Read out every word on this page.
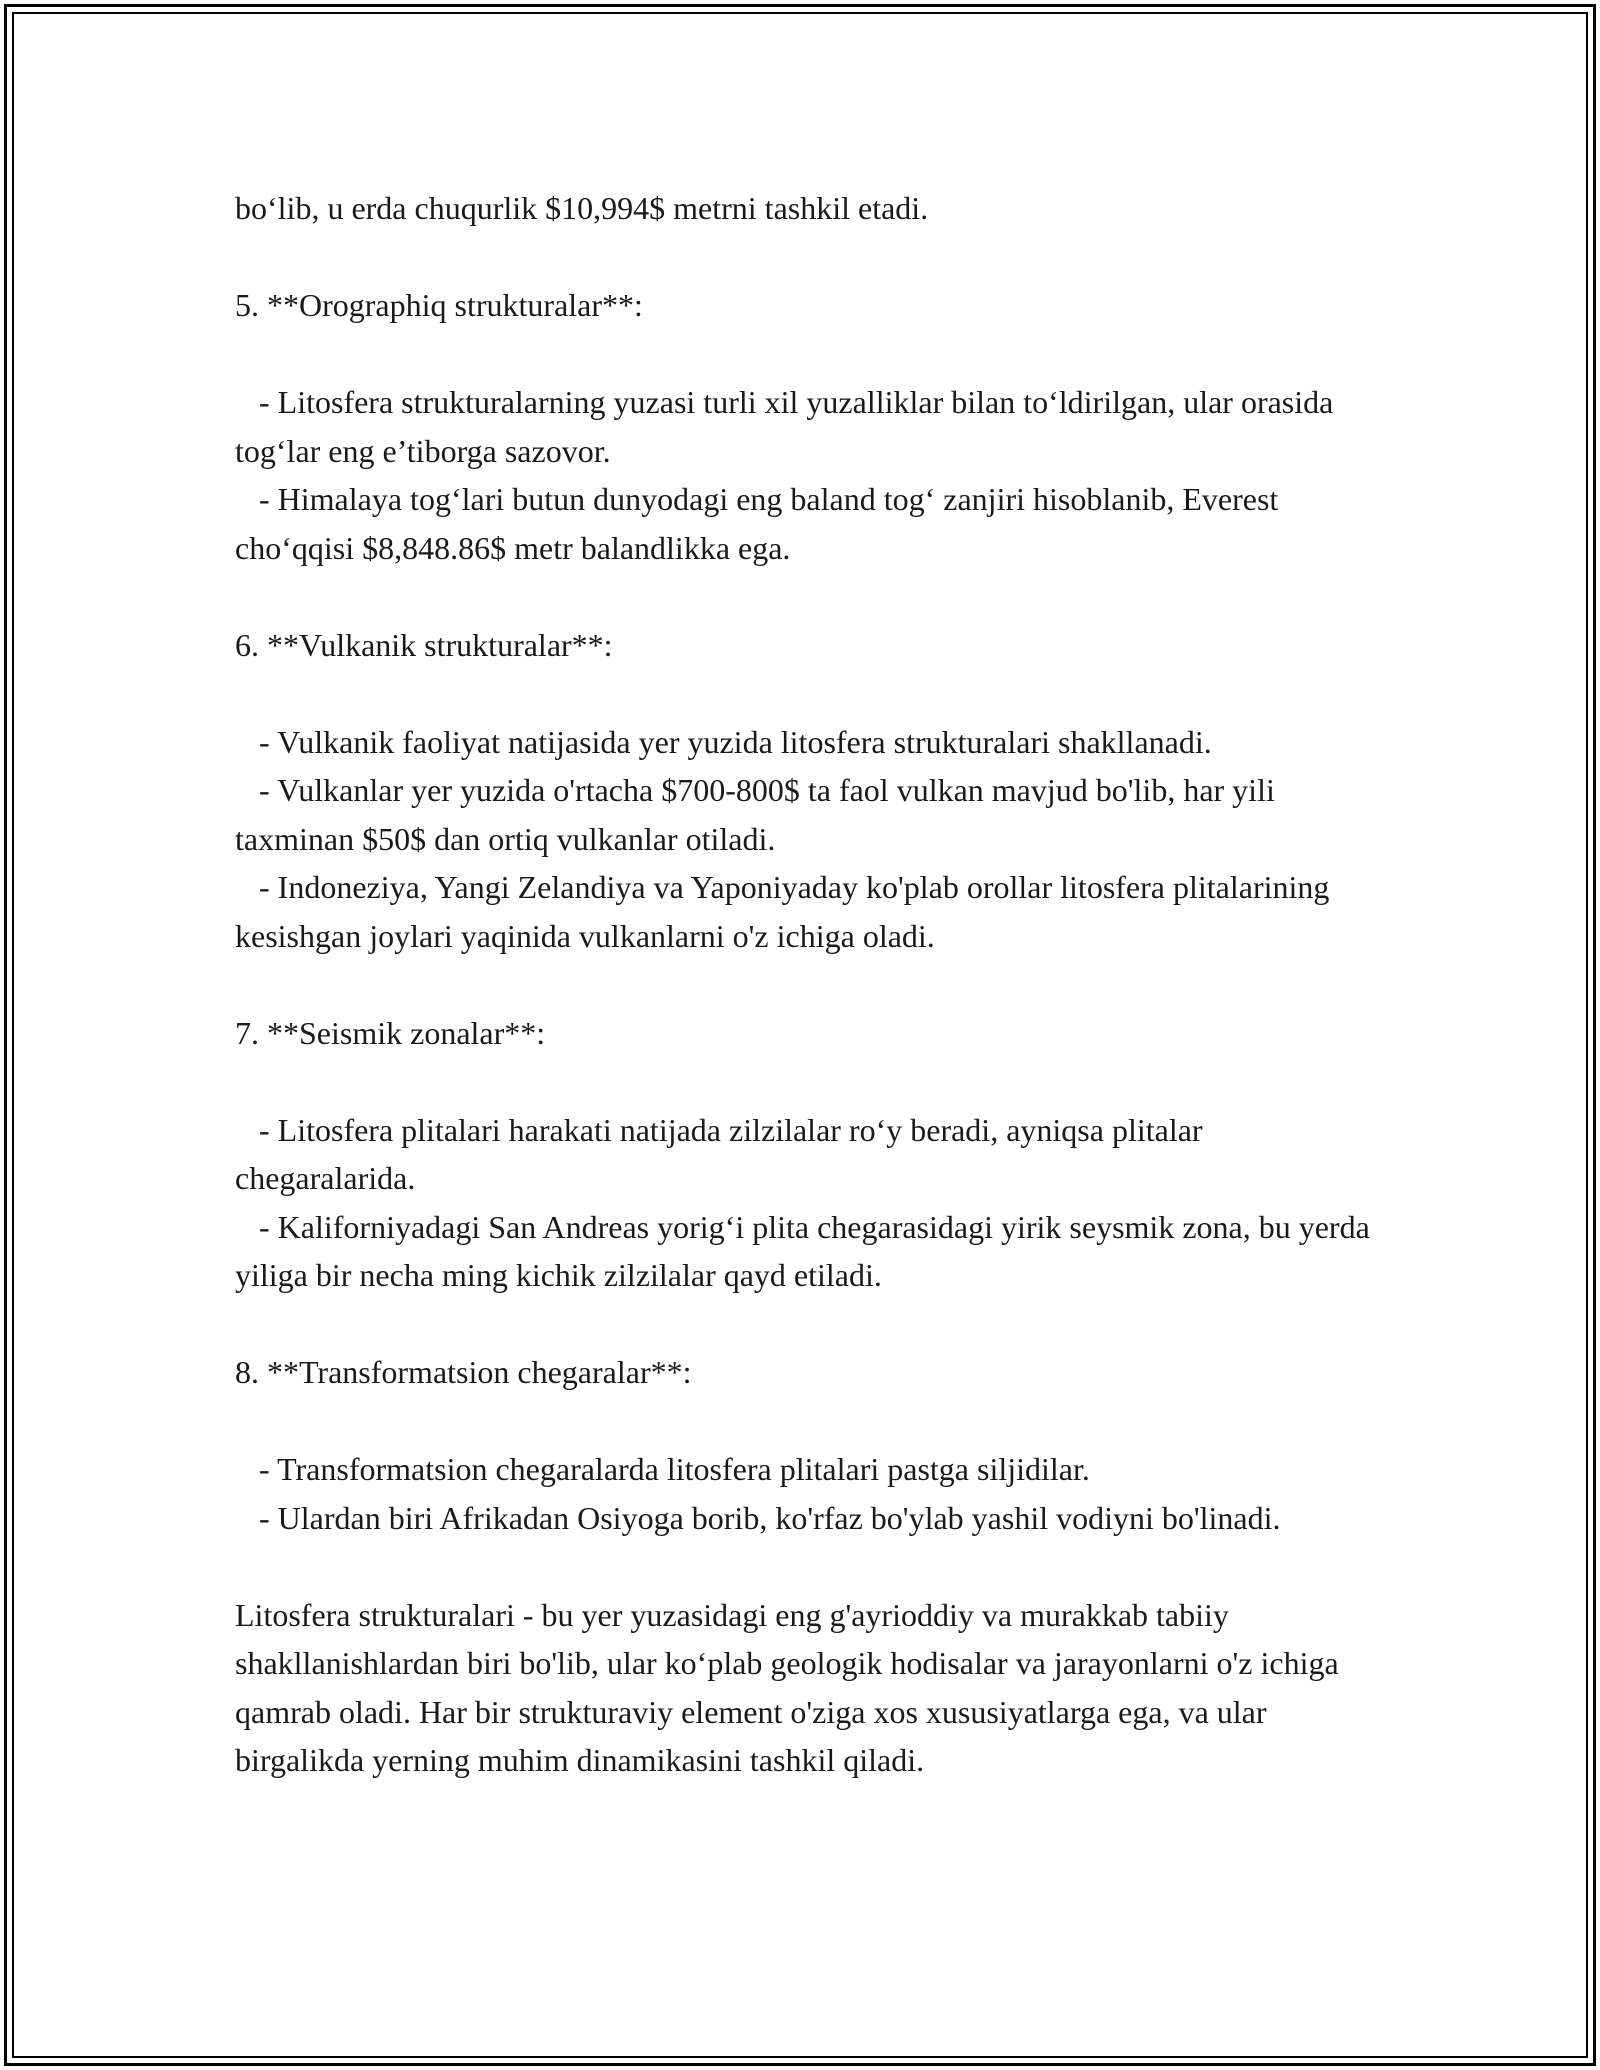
bo‘lib, u erda chuqurlik $10,994$ metrni tashkil etadi.

5. **Orographiq strukturalar**:

- Litosfera strukturalarning yuzasi turli xil yuzalliklar bilan to‘ldirilgan, ular orasida tog‘lar eng e’tiborga sazovor.

- Himalaya tog‘lari butun dunyodagi eng baland tog‘ zanjiri hisoblanib, Everest cho‘qqisi $8,848.86$ metr balandlikka ega.

6. **Vulkanik strukturalar**:

- Vulkanik faoliyat natijasida yer yuzida litosfera strukturalari shakllanadi.

- Vulkanlar yer yuzida o'rtacha $700-800$ ta faol vulkan mavjud bo'lib, har yili taxminan $50$ dan ortiq vulkanlar otiladi.

- Indoneziya, Yangi Zelandiya va Yaponiyaday ko'plab orollar litosfera plitalarining kesishgan joylari yaqinida vulkanlarni o'z ichiga oladi.

7. **Seismik zonalar**:

- Litosfera plitalari harakati natijada zilzilalar ro‘y beradi, ayniqsa plitalar chegaralarida.

- Kaliforniyadagi San Andreas yorig‘i plita chegarasidagi yirik seysmik zona, bu yerda yiliga bir necha ming kichik zilzilalar qayd etiladi.

8. **Transformatsion chegaralar**:

- Transformatsion chegaralarda litosfera plitalari pastga siljidilar.

- Ulardan biri Afrikadan Osiyoga borib, ko'rfaz bo'ylab yashil vodiyni bo'linadi.

Litosfera strukturalari - bu yer yuzasidagi eng g'ayrioddiy va murakkab tabiiy shakllanishlardan biri bo'lib, ular ko‘plab geologik hodisalar va jarayonlarni o'z ichiga qamrab oladi. Har bir strukturaviy element o'ziga xos xususiyatlarga ega, va ular birgalikda yerning muhim dinamikasini tashkil qiladi.
